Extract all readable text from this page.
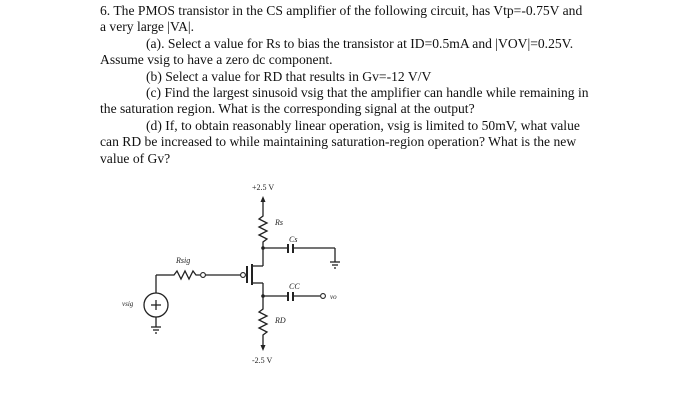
6. The PMOS transistor in the CS amplifier of the following circuit, has Vtp=-0.75V and

a very large |VA|.

(a). Select a value for Rs to bias the transistor at ID=0.5mA and |VOV|=0.25V.

Assume vsig to have a zero dc component.

(b) Select a value for RD that results in Gv=-12 V/V

(c) Find the largest sinusoid vsig that the amplifier can handle while remaining in

the saturation region. What is the corresponding signal at the output?

(d) If, to obtain reasonably linear operation, vsig is limited to 50mV, what value

can RD be increased to while maintaining saturation-region operation? What is the new

value of Gv?

+2.5 V
Rs
Cs
Rsig
vsig
CC
vo
RD
-2.5 V
